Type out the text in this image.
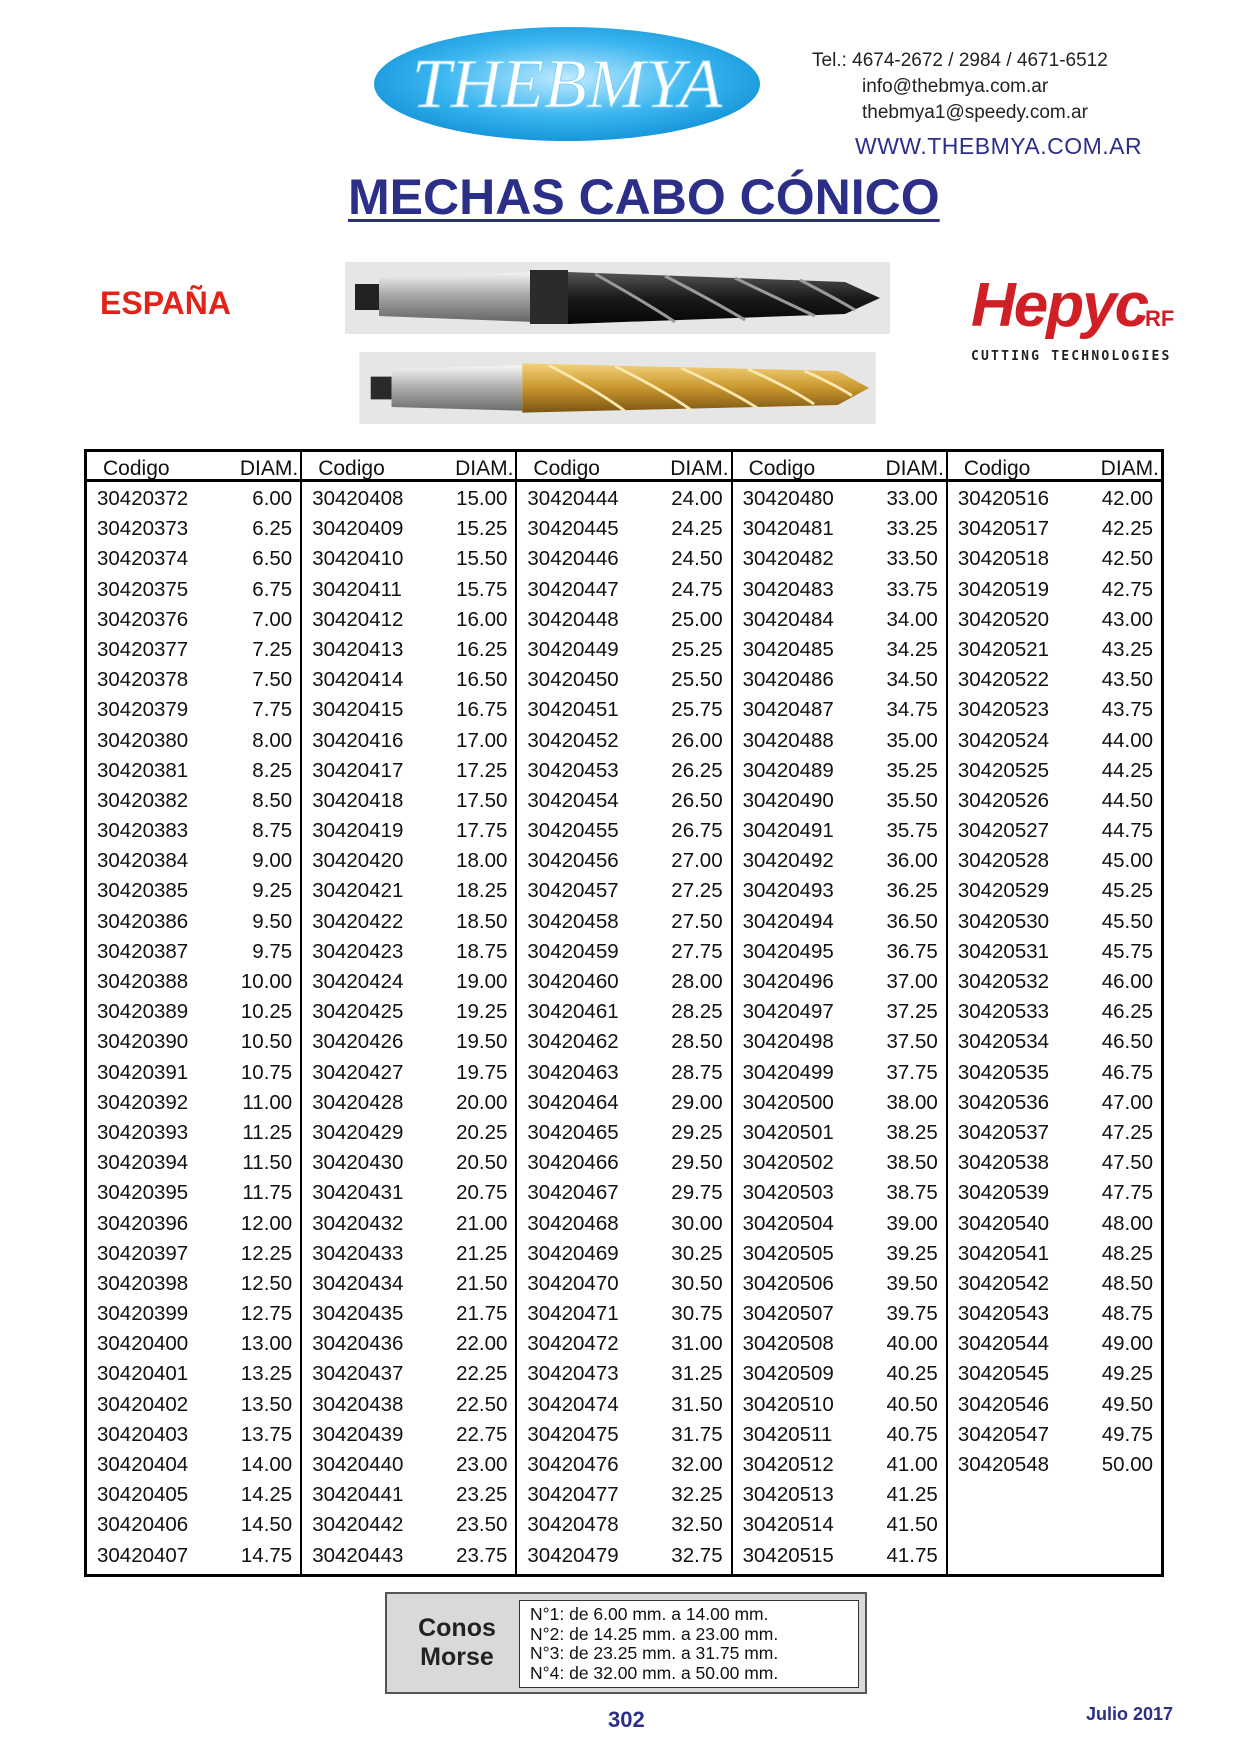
THEBMYA	Tel.: 4674-2672 / 2984 / 4671-6512
info@thebmya.com.ar
thebmya1@speedy.com.ar
WWW.THEBMYA.COM.AR
MECHAS CABO CÓNICO
ESPAÑA	Hepyc
RF
CUTTING TECHNOLOGIES
Codigo	DIAM.
30420372	6.00
30420373	6.25
30420374	6.50
30420375	6.75
30420376	7.00
30420377	7.25
30420378	7.50
30420379	7.75
30420380	8.00
30420381	8.25
30420382	8.50
30420383	8.75
30420384	9.00
30420385	9.25
30420386	9.50
30420387	9.75
30420388	10.00
30420389	10.25
30420390	10.50
30420391	10.75
30420392	11.00
30420393	11.25
30420394	11.50
30420395	11.75
30420396	12.00
30420397	12.25
30420398	12.50
30420399	12.75
30420400	13.00
30420401	13.25
30420402	13.50
30420403	13.75
30420404	14.00
30420405	14.25
30420406	14.50
30420407	14.75
Codigo	DIAM.
30420408	15.00
30420409	15.25
30420410	15.50
30420411	15.75
30420412	16.00
30420413	16.25
30420414	16.50
30420415	16.75
30420416	17.00
30420417	17.25
30420418	17.50
30420419	17.75
30420420	18.00
30420421	18.25
30420422	18.50
30420423	18.75
30420424	19.00
30420425	19.25
30420426	19.50
30420427	19.75
30420428	20.00
30420429	20.25
30420430	20.50
30420431	20.75
30420432	21.00
30420433	21.25
30420434	21.50
30420435	21.75
30420436	22.00
30420437	22.25
30420438	22.50
30420439	22.75
30420440	23.00
30420441	23.25
30420442	23.50
30420443	23.75
Codigo	DIAM.
30420444	24.00
30420445	24.25
30420446	24.50
30420447	24.75
30420448	25.00
30420449	25.25
30420450	25.50
30420451	25.75
30420452	26.00
30420453	26.25
30420454	26.50
30420455	26.75
30420456	27.00
30420457	27.25
30420458	27.50
30420459	27.75
30420460	28.00
30420461	28.25
30420462	28.50
30420463	28.75
30420464	29.00
30420465	29.25
30420466	29.50
30420467	29.75
30420468	30.00
30420469	30.25
30420470	30.50
30420471	30.75
30420472	31.00
30420473	31.25
30420474	31.50
30420475	31.75
30420476	32.00
30420477	32.25
30420478	32.50
30420479	32.75
Codigo	DIAM.
30420480	33.00
30420481	33.25
30420482	33.50
30420483	33.75
30420484	34.00
30420485	34.25
30420486	34.50
30420487	34.75
30420488	35.00
30420489	35.25
30420490	35.50
30420491	35.75
30420492	36.00
30420493	36.25
30420494	36.50
30420495	36.75
30420496	37.00
30420497	37.25
30420498	37.50
30420499	37.75
30420500	38.00
30420501	38.25
30420502	38.50
30420503	38.75
30420504	39.00
30420505	39.25
30420506	39.50
30420507	39.75
30420508	40.00
30420509	40.25
30420510	40.50
30420511	40.75
30420512	41.00
30420513	41.25
30420514	41.50
30420515	41.75
Codigo	DIAM.
30420516	42.00
30420517	42.25
30420518	42.50
30420519	42.75
30420520	43.00
30420521	43.25
30420522	43.50
30420523	43.75
30420524	44.00
30420525	44.25
30420526	44.50
30420527	44.75
30420528	45.00
30420529	45.25
30420530	45.50
30420531	45.75
30420532	46.00
30420533	46.25
30420534	46.50
30420535	46.75
30420536	47.00
30420537	47.25
30420538	47.50
30420539	47.75
30420540	48.00
30420541	48.25
30420542	48.50
30420543	48.75
30420544	49.00
30420545	49.25
30420546	49.50
30420547	49.75
30420548	50.00
Conos
Morse
N°1: de 6.00 mm. a 14.00 mm.
N°2: de 14.25 mm. a 23.00 mm.
N°3: de 23.25 mm. a 31.75 mm.
N°4: de 32.00 mm. a 50.00 mm.
302	Julio 2017
